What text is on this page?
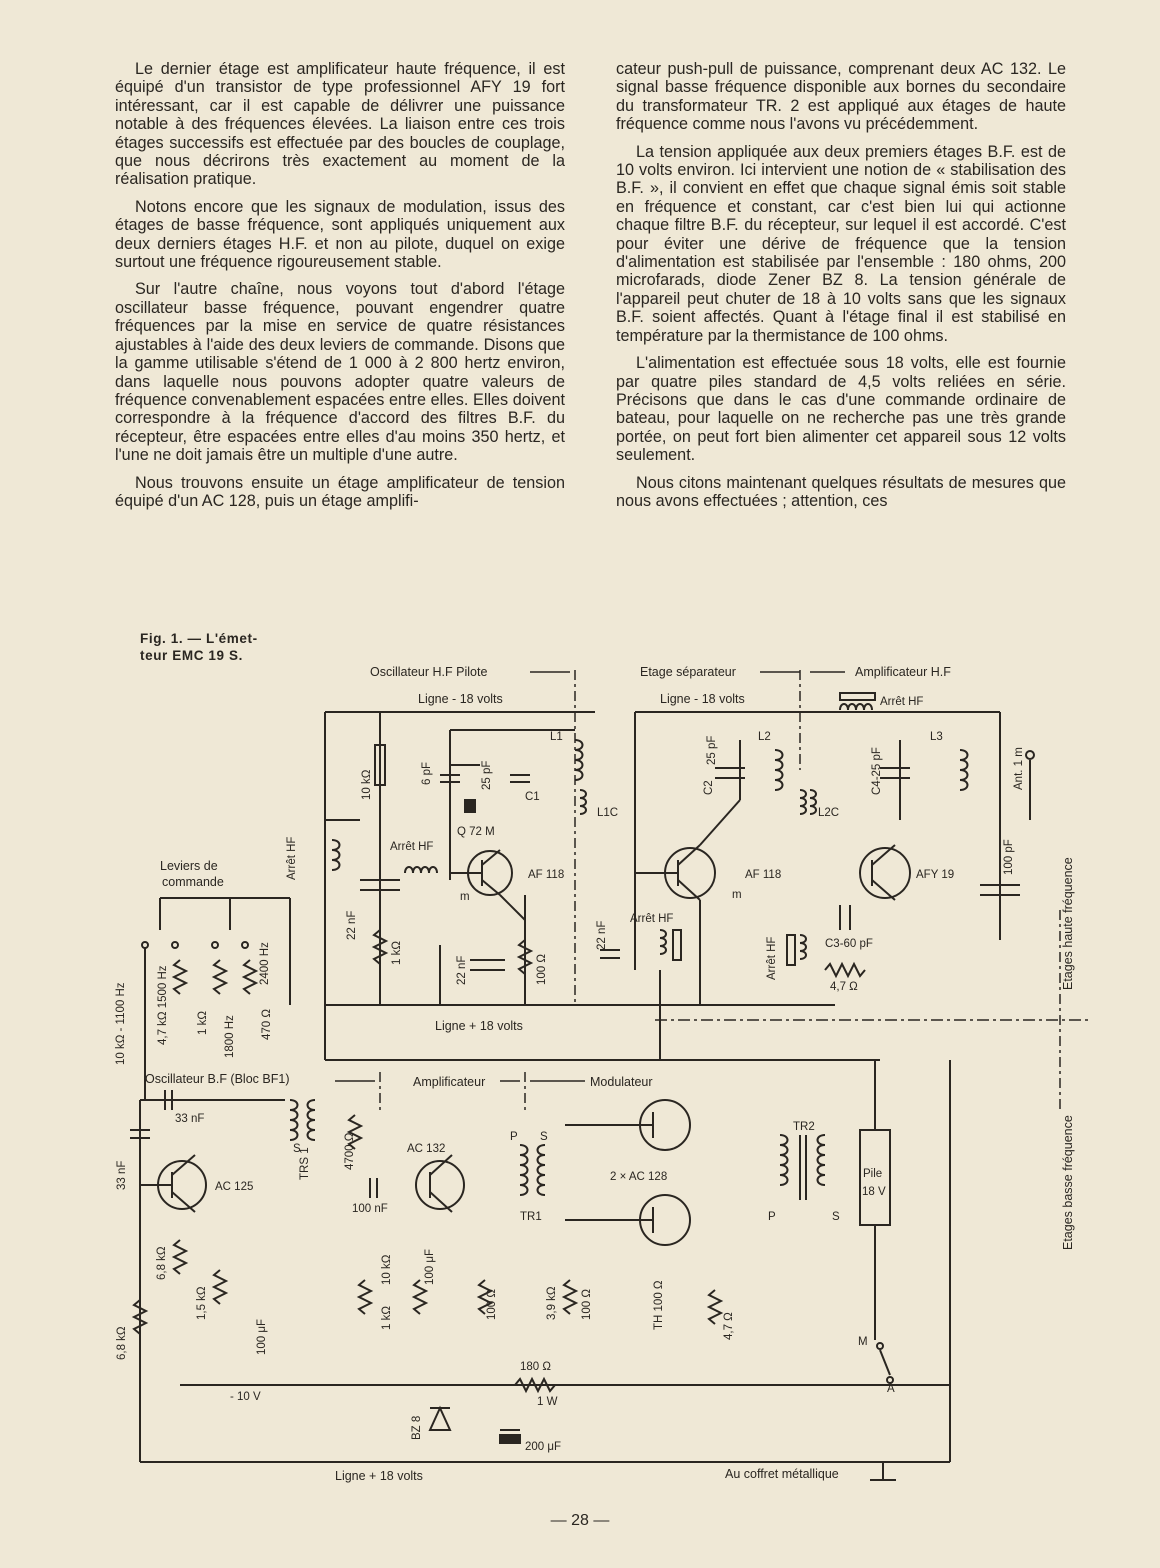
Le dernier étage est amplificateur haute fréquence, il est équipé d'un transistor de type professionnel AFY 19 fort intéressant, car il est capable de délivrer une puissance notable à des fréquences élevées. La liaison entre ces trois étages successifs est effectuée par des boucles de couplage, que nous décrirons très exactement au moment de la réalisation pratique.

Notons encore que les signaux de modulation, issus des étages de basse fréquence, sont appliqués uniquement aux deux derniers étages H.F. et non au pilote, duquel on exige surtout une fréquence rigoureusement stable.

Sur l'autre chaîne, nous voyons tout d'abord l'étage oscillateur basse fréquence, pouvant engendrer quatre fréquences par la mise en service de quatre résistances ajustables à l'aide des deux leviers de commande. Disons que la gamme utilisable s'étend de 1 000 à 2 800 hertz environ, dans laquelle nous pouvons adopter quatre valeurs de fréquence convenablement espacées entre elles. Elles doivent correspondre à la fréquence d'accord des filtres B.F. du récepteur, être espacées entre elles d'au moins 350 hertz, et l'une ne doit jamais être un multiple d'une autre.

Nous trouvons ensuite un étage amplificateur de tension équipé d'un AC 128, puis un étage amplifi-

cateur push-pull de puissance, comprenant deux AC 132. Le signal basse fréquence disponible aux bornes du secondaire du transformateur TR. 2 est appliqué aux étages de haute fréquence comme nous l'avons vu précédemment.

La tension appliquée aux deux premiers étages B.F. est de 10 volts environ. Ici intervient une notion de « stabilisation des B.F. », il convient en effet que chaque signal émis soit stable en fréquence et constant, car c'est bien lui qui actionne chaque filtre B.F. du récepteur, sur lequel il est accordé. C'est pour éviter une dérive de fréquence que la tension d'alimentation est stabilisée par l'ensemble : 180 ohms, 200 microfarads, diode Zener BZ 8. La tension générale de l'appareil peut chuter de 18 à 10 volts sans que les signaux B.F. soient affectés. Quant à l'étage final il est stabilisé en température par la thermistance de 100 ohms.

L'alimentation est effectuée sous 18 volts, elle est fournie par quatre piles standard de 4,5 volts reliées en série. Précisons que dans le cas d'une commande ordinaire de bateau, pour laquelle on ne recherche pas une très grande portée, on peut fort bien alimenter cet appareil sous 12 volts seulement.

Nous citons maintenant quelques résultats de mesures que nous avons effectuées ; attention, ces

Fig. 1. — L'émet-
teur EMC 19 S.
Oscillateur H.F Pilote	Etage séparateur	Amplificateur H.F
Ligne - 18 volts	Ligne - 18 volts
Ligne + 18 volts
Ligne + 18 volts	Au coffret métallique
Leviers de
commande
Oscillateur B.F (Bloc BF1)	Amplificateur	Modulateur
L1
C1
L1C
Q 72 M
Arrêt HF
AF 118
m
AF 118
m
L2
L2C
L3
AFY 19
C3-60 pF
4,7 Ω
Arrêt HF
Arrêt HF
33 nF
AC 125
S	AC 132
100 nF
P S
TR1
2 × AC 128
TR2
P	S
Pile
18 V
- 10 V
180 Ω
1 W
200 μF
M
A
10 kΩ	6 pF	25 pF
Arrêt HF
22 nF
1 kΩ
22 nF	100 Ω
22 nF
C2
25 pF	C4-25 pF
Arrêt HF
100 pF
Ant. 1 m
10 kΩ - 1100 Hz	4,7 kΩ 1500 Hz 1 kΩ 1800 Hz
2400 Hz
470 Ω
33 nF
6,8 kΩ
6,8 kΩ
1,5 kΩ
100 μF
TRS 1	4700 Ω
10 kΩ
1 kΩ
100 μF
100 Ω	3,9 kΩ 100 Ω	TH 100 Ω	4,7 Ω
BZ 8
Etages haute fréquence
Etages basse fréquence
— 28 —
